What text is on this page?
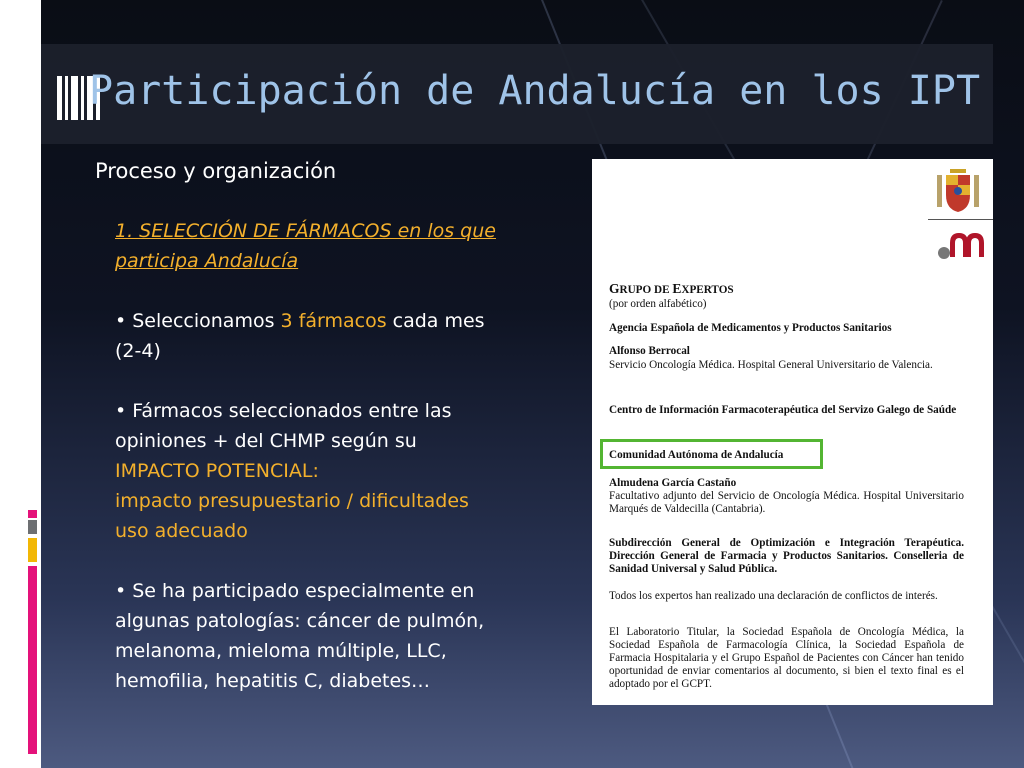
Participación de Andalucía en los IPT

Proceso y organización

1. SELECCIÓN DE FÁRMACOS en los que
participa Andalucía

• Seleccionamos 3 fármacos cada mes
(2-4)

• Fármacos seleccionados entre las
opiniones + del CHMP según su
IMPACTO POTENCIAL:
impacto presupuestario / dificultades
uso adecuado

• Se ha participado especialmente en
algunas patologías: cáncer de pulmón,
melanoma, mieloma múltiple, LLC,
hemofilia, hepatitis C, diabetes…

GRUPO DE EXPERTOS
(por orden alfabético)
Agencia Española de Medicamentos y Productos Sanitarios
Alfonso Berrocal
Servicio Oncología Médica. Hospital General Universitario de Valencia.
Centro de Información Farmacoterapéutica del Servizo Galego de Saúde
Comunidad Autónoma de Andalucía
Almudena García Castaño
Facultativo adjunto del Servicio de Oncología Médica. Hospital Universitario Marqués de Valdecilla (Cantabria).
Subdirección General de Optimización e Integración Terapéutica. Dirección General de Farmacia y Productos Sanitarios. Conselleria de Sanidad Universal y Salud Pública.
Todos los expertos han realizado una declaración de conflictos de interés.
El Laboratorio Titular, la Sociedad Española de Oncología Médica, la Sociedad Española de Farmacología Clínica, la Sociedad Española de Farmacia Hospitalaria y el Grupo Español de Pacientes con Cáncer han tenido oportunidad de enviar comentarios al documento, si bien el texto final es el adoptado por el GCPT.
